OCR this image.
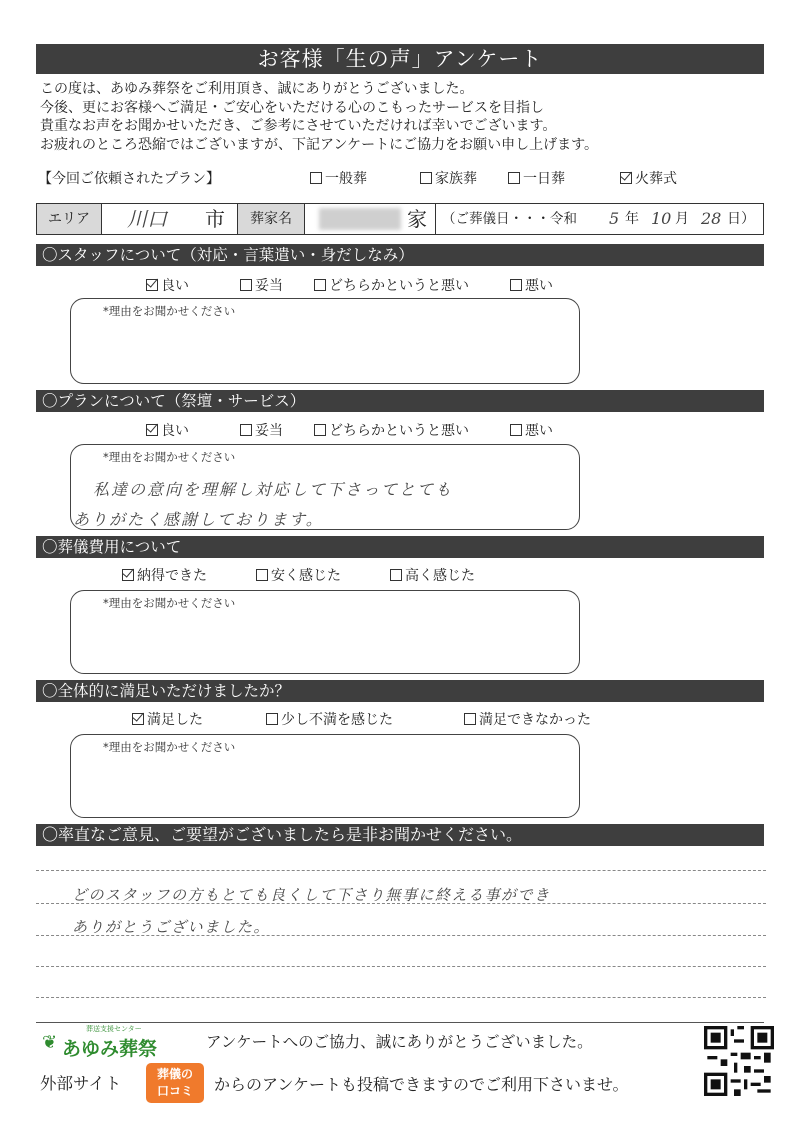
お客様「生の声」アンケート
この度は、あゆみ葬祭をご利用頂き、誠にありがとうございました。
今後、更にお客様へご満足・ご安心をいただける心のこもったサービスを目指し
貴重なお声をお聞かせいただき、ご参考にさせていただければ幸いでございます。
お疲れのところ恐縮ではございますが、下記アンケートにご協力をお願い申し上げます。
【今回ご依頼されたプラン】	一般葬	家族葬	一日葬	火葬式
エリア	川口 市	葬家名	家	（ご葬儀日・・・令和 5 年 10 月 28 日）
〇スタッフについて（対応・言葉遣い・身だしなみ）
良い	妥当	どちらかというと悪い	悪い
*理由をお聞かせください
〇プランについて（祭壇・サービス）
良い	妥当	どちらかというと悪い	悪い
*理由をお聞かせください
私達の意向を理解し対応して下さってとても
ありがたく感謝しております。
〇葬儀費用について
納得できた	安く感じた	高く感じた
*理由をお聞かせください
〇全体的に満足いただけましたか？
満足した	少し不満を感じた	満足できなかった
*理由をお聞かせください
〇率直なご意見、ご要望がございましたら是非お聞かせください。
どのスタッフの方もとても良くして下さり無事に終える事ができ
ありがとうございました。
❦
葬送支援センター
あゆみ葬祭	アンケートへのご協力、誠にありがとうございました。
外部サイト	葬儀の
口コミ	からのアンケートも投稿できますのでご利用下さいませ。
